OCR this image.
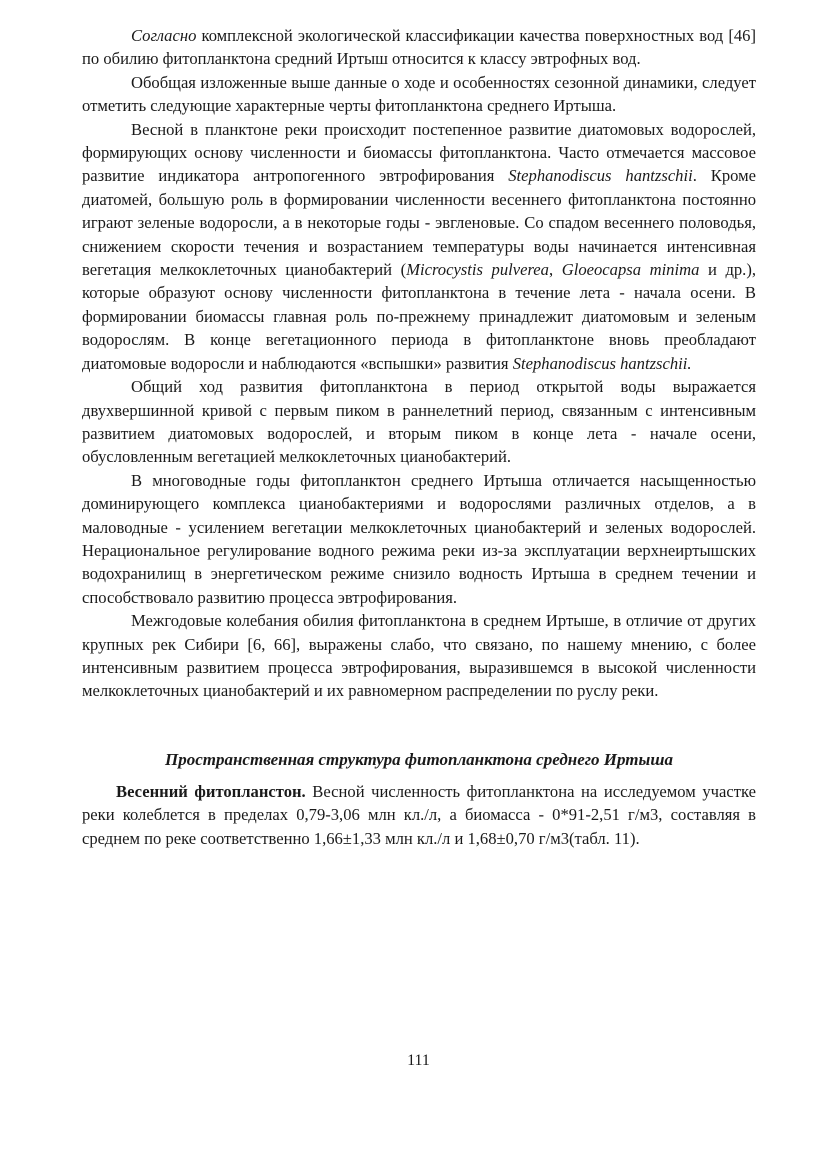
Согласно комплексной экологической классификации качества поверхностных вод [46] по обилию фитопланктона средний Иртыш относится к классу эвтрофных вод.

Обобщая изложенные выше данные о ходе и особенностях сезонной динамики, следует отметить следующие характерные черты фитопланктона среднего Иртыша.

Весной в планктоне реки происходит постепенное развитие диатомовых водорослей, формирующих основу численности и биомассы фитопланктона. Часто отмечается массовое развитие индикатора антропогенного эвтрофирования Stephanodiscus hantzschii. Кроме диатомей, большую роль в формировании численности весеннего фитопланктона постоянно играют зеленые водоросли, а в некоторые годы - эвгленовые. Со спадом весеннего половодья, снижением скорости течения и возрастанием температуры воды начинается интенсивная вегетация мелкоклеточных цианобактерий (Microcystis pulverea, Gloeocapsa minima и др.), которые образуют основу численности фитопланктона в течение лета - начала осени. В формировании биомассы главная роль по-прежнему принадлежит диатомовым и зеленым водорослям. В конце вегетационного периода в фитопланктоне вновь преобладают диатомовые водоросли и наблюдаются «вспышки» развития Stephanodiscus hantzschii.

Общий ход развития фитопланктона в период открытой воды выражается двухвершинной кривой с первым пиком в раннелетний период, связанным с интенсивным развитием диатомовых водорослей, и вторым пиком в конце лета - начале осени, обусловленным вегетацией мелкоклеточных цианобактерий.

В многоводные годы фитопланктон среднего Иртыша отличается насыщенностью доминирующего комплекса цианобактериями и водорослями различных отделов, а в маловодные - усилением вегетации мелкоклеточных цианобактерий и зеленых водорослей. Нерациональное регулирование водного режима реки из-за эксплуатации верхнеиртышских водохранилищ в энергетическом режиме снизило водность Иртыша в среднем течении и способствовало развитию процесса эвтрофирования.

Межгодовые колебания обилия фитопланктона в среднем Иртыше, в отличие от других крупных рек Сибири [6, 66], выражены слабо, что связано, по нашему мнению, с более интенсивным развитием процесса эвтрофирования, выразившемся в высокой численности мелкоклеточных цианобактерий и их равномерном распределении по руслу реки.

Пространственная структура фитопланктона среднего Иртыша

Весенний фитопланстон. Весной численность фитопланктона на исследуемом участке реки колеблется в пределах 0,79-3,06 млн кл./л, а биомасса - 0*91-2,51 г/м3, составляя в среднем по реке соответственно 1,66±1,33 млн кл./л и 1,68±0,70 г/м3(табл. 11).

111
